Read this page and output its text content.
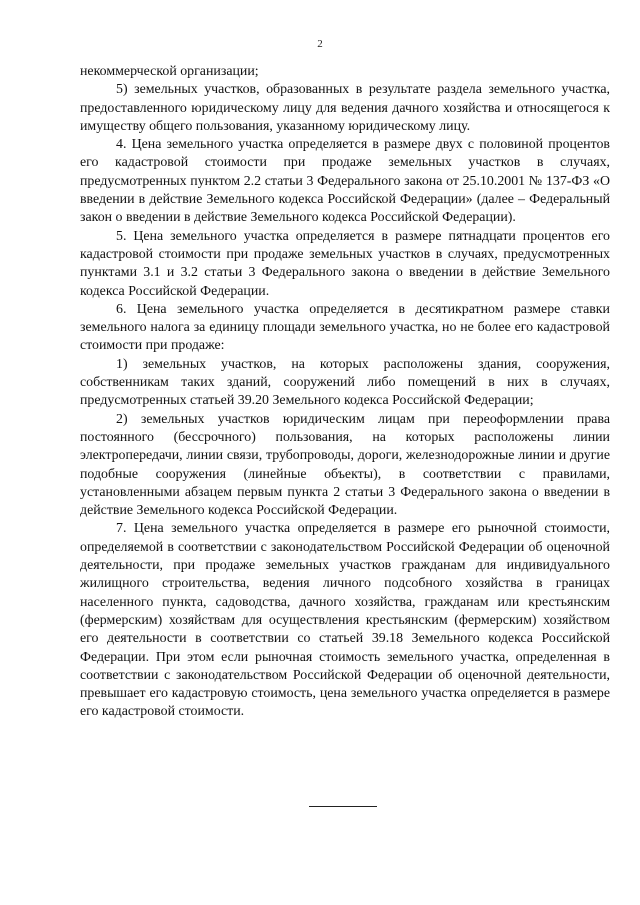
2

некоммерческой организации;

5) земельных участков, образованных в результате раздела земельного участка, предоставленного юридическому лицу для ведения дачного хозяйства и относящегося к имуществу общего пользования, указанному юридическому лицу.

4. Цена земельного участка определяется в размере двух с половиной процентов его кадастровой стоимости при продаже земельных участков в случаях, предусмотренных пунктом 2.2 статьи 3 Федерального закона от 25.10.2001 № 137-ФЗ «О введении в действие Земельного кодекса Российской Федерации» (далее – Федеральный закон о введении в действие Земельного кодекса Российской Федерации).

5. Цена земельного участка определяется в размере пятнадцати процентов его кадастровой стоимости при продаже земельных участков в случаях, предусмотренных пунктами 3.1 и 3.2 статьи 3 Федерального закона о введении в действие Земельного кодекса Российской Федерации.

6. Цена земельного участка определяется в десятикратном размере ставки земельного налога за единицу площади земельного участка, но не более его кадастровой стоимости при продаже:

1) земельных участков, на которых расположены здания, сооружения, собственникам таких зданий, сооружений либо помещений в них в случаях, предусмотренных статьей 39.20 Земельного кодекса Российской Федерации;

2) земельных участков юридическим лицам при переоформлении права постоянного (бессрочного) пользования, на которых расположены линии электропередачи, линии связи, трубопроводы, дороги, железнодорожные линии и другие подобные сооружения (линейные объекты), в соответствии с правилами, установленными абзацем первым пункта 2 статьи 3 Федерального закона о введении в действие Земельного кодекса Российской Федерации.

7. Цена земельного участка определяется в размере его рыночной стоимости, определяемой в соответствии с законодательством Российской Федерации об оценочной деятельности, при продаже земельных участков гражданам для индивидуального жилищного строительства, ведения личного подсобного хозяйства в границах населенного пункта, садоводства, дачного хозяйства, гражданам или крестьянским (фермерским) хозяйствам для осуществления крестьянским (фермерским) хозяйством его деятельности в соответствии со статьей 39.18 Земельного кодекса Российской Федерации. При этом если рыночная стоимость земельного участка, определенная в соответствии с законодательством Российской Федерации об оценочной деятельности, превышает его кадастровую стоимость, цена земельного участка определяется в размере его кадастровой стоимости.
